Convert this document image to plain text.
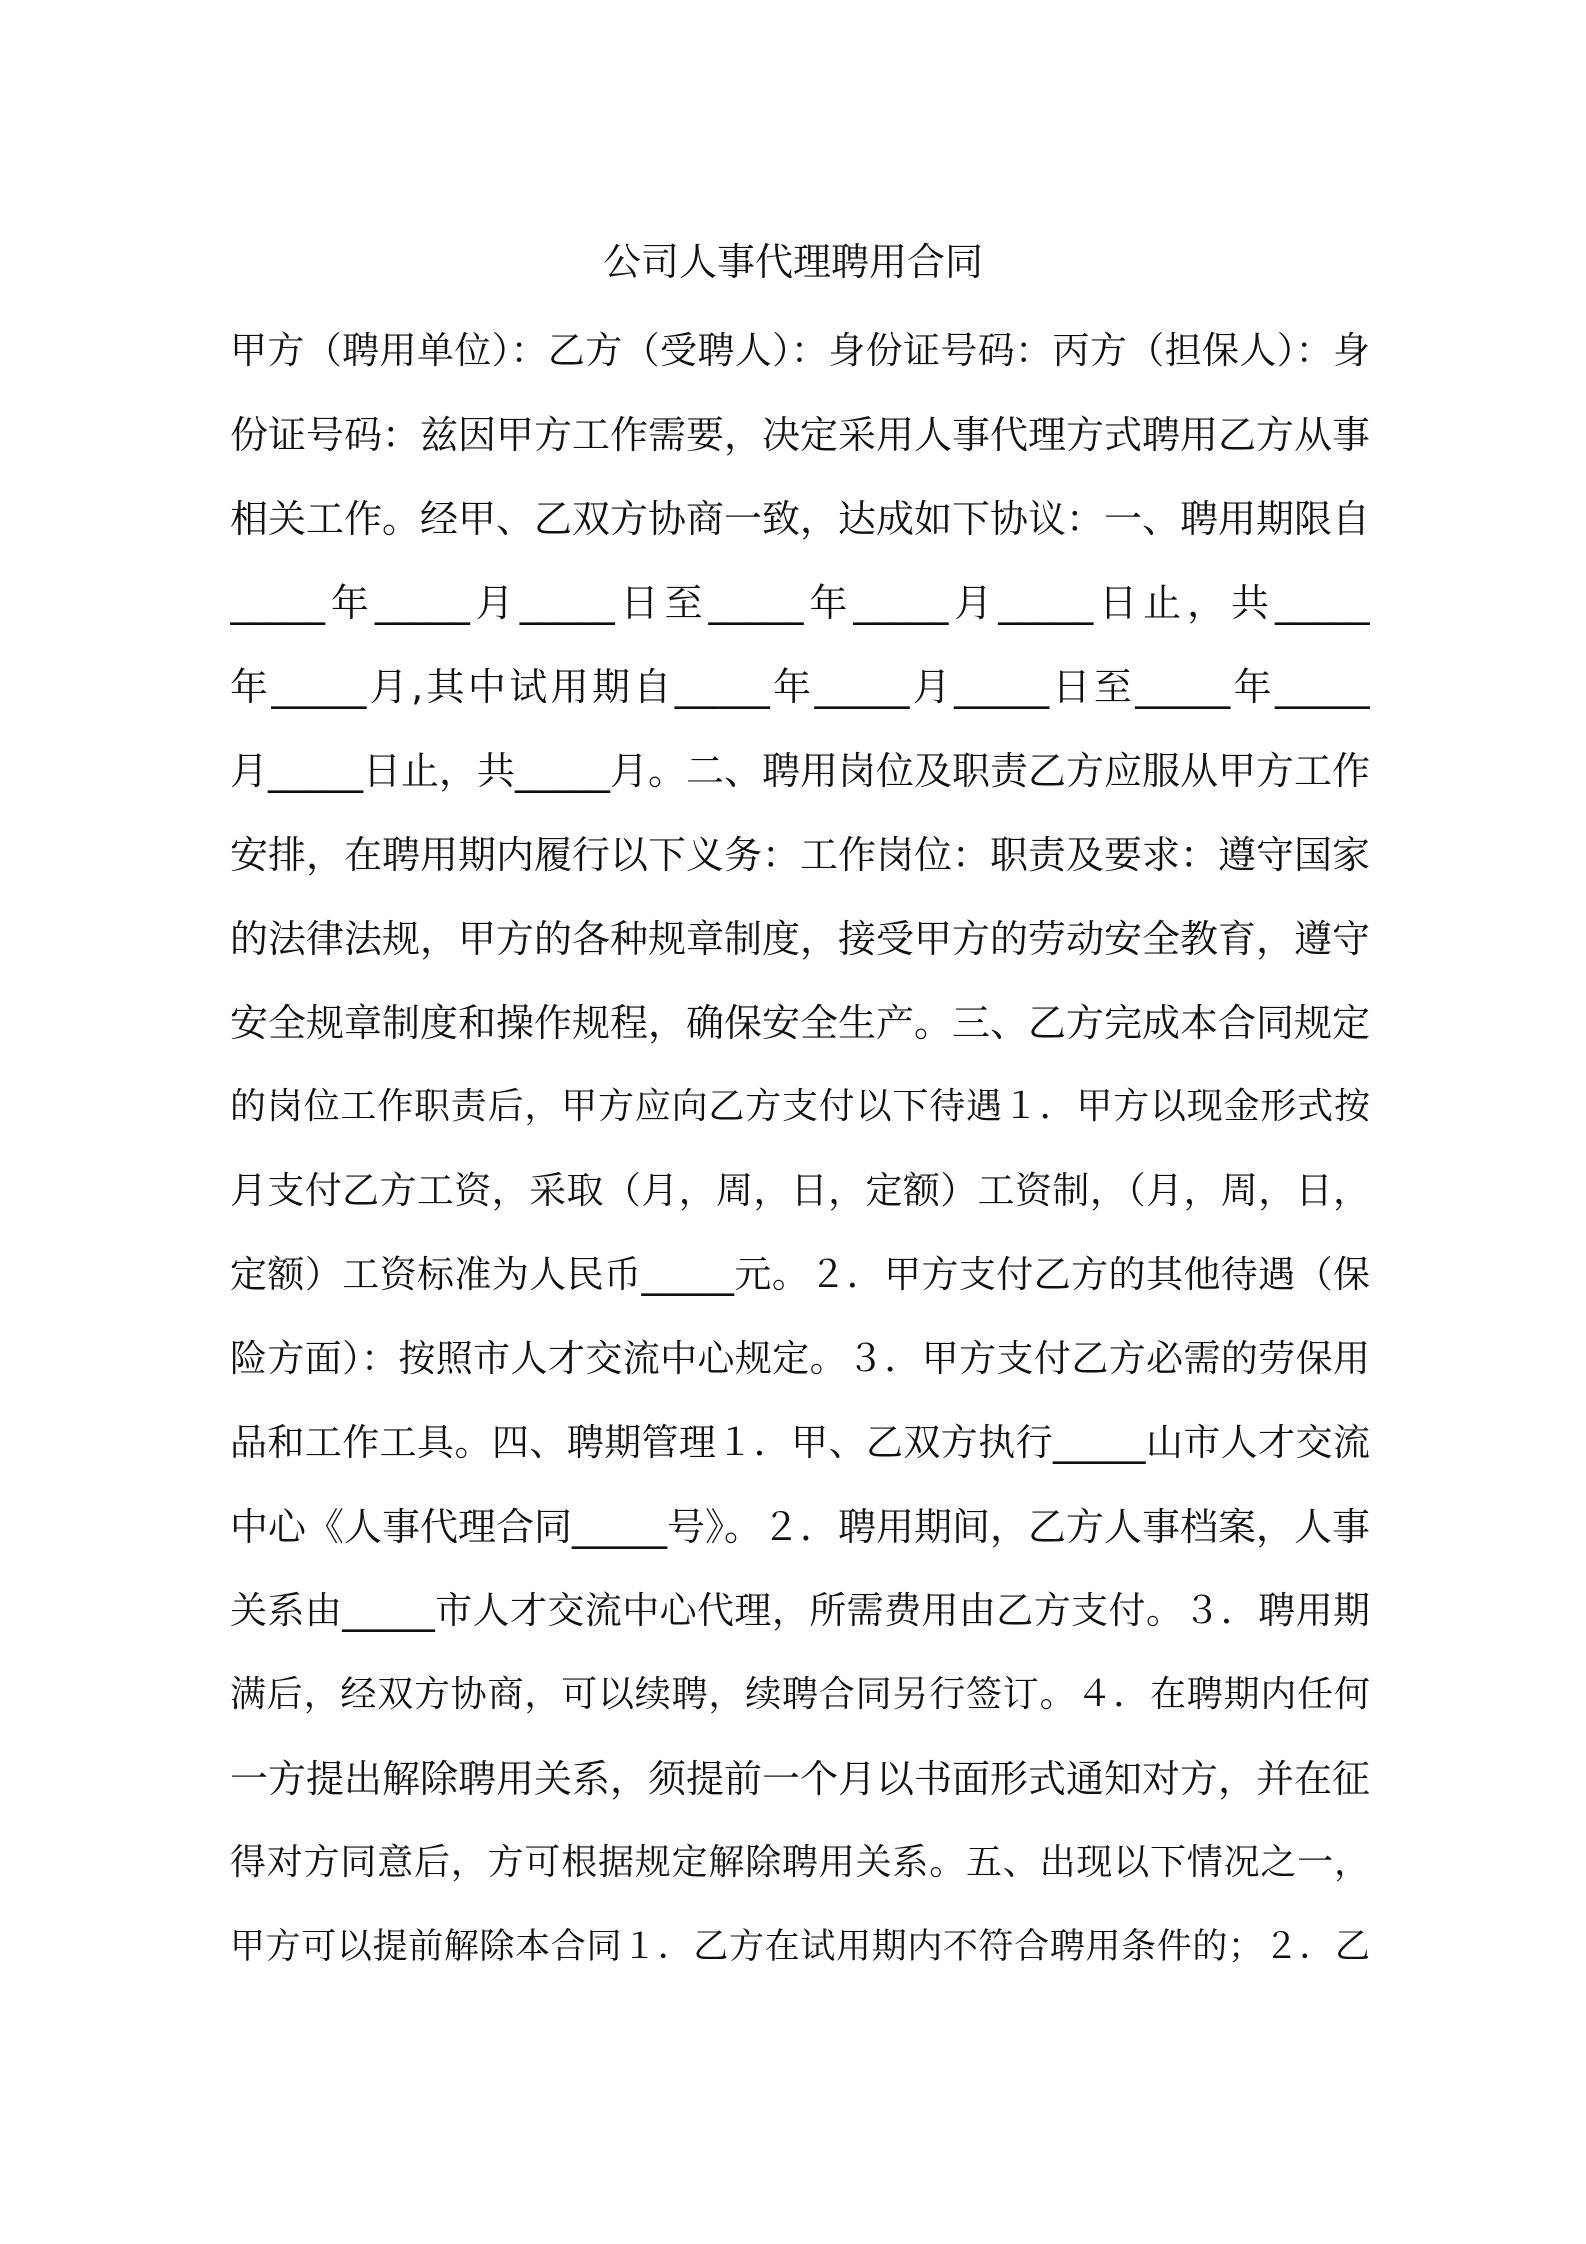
公司人事代理聘用合同
甲方（聘用单位）：乙方（受聘人）：身份证号码：丙方（担保人）：身
份证号码：兹因甲方工作需要，决定采用人事代理方式聘用乙方从事
相关工作。经甲、乙双方协商一致，达成如下协议：一、聘用期限自
_____年_____月_____日至_____年_____月_____日止，共_____
年_____月,其中试用期自_____年_____月_____日至_____年_____
月_____日止，共_____月。二、聘用岗位及职责乙方应服从甲方工作
安排，在聘用期内履行以下义务：工作岗位：职责及要求：遵守国家
的法律法规，甲方的各种规章制度，接受甲方的劳动安全教育，遵守
安全规章制度和操作规程，确保安全生产。三、乙方完成本合同规定
的岗位工作职责后，甲方应向乙方支付以下待遇１．甲方以现金形式按
月支付乙方工资，采取（月，周，日，定额）工资制，（月，周，日，
定额）工资标准为人民币_____元。２．甲方支付乙方的其他待遇（保
险方面）：按照市人才交流中心规定。３．甲方支付乙方必需的劳保用
品和工作工具。四、聘期管理１．甲、乙双方执行_____山市人才交流
中心《人事代理合同_____号》。２．聘用期间，乙方人事档案，人事
关系由_____市人才交流中心代理，所需费用由乙方支付。３．聘用期
满后，经双方协商，可以续聘，续聘合同另行签订。４．在聘期内任何
一方提出解除聘用关系，须提前一个月以书面形式通知对方，并在征
得对方同意后，方可根据规定解除聘用关系。五、出现以下情况之一，
甲方可以提前解除本合同１．乙方在试用期内不符合聘用条件的；２．乙
